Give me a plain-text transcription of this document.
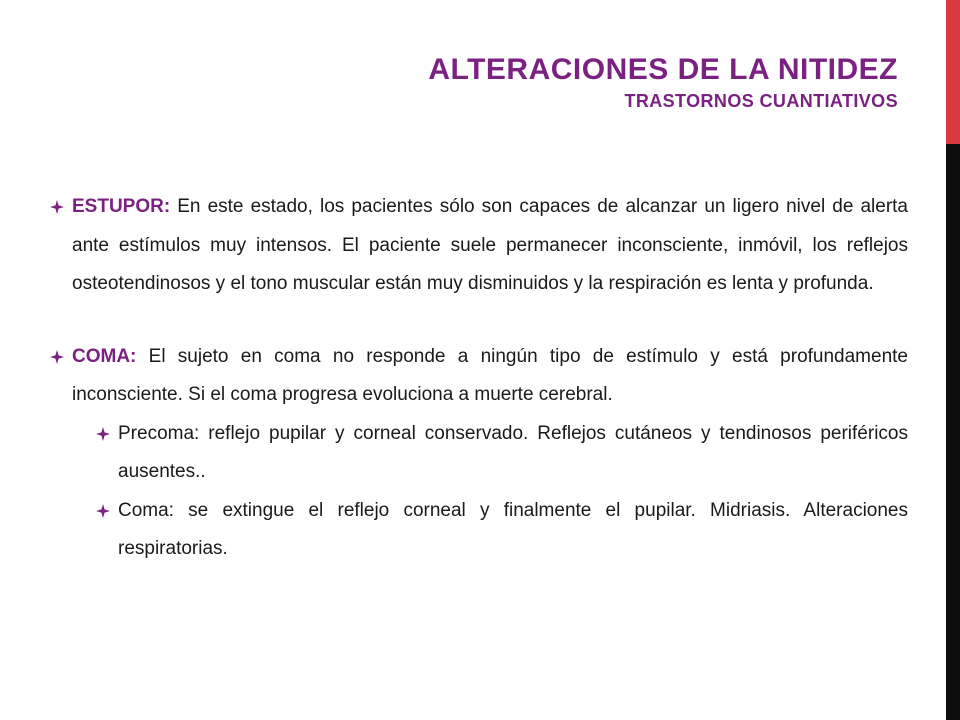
ALTERACIONES DE LA NITIDEZ
TRASTORNOS CUANTIATIVOS
ESTUPOR: En este estado, los pacientes sólo son capaces de alcanzar un ligero nivel de alerta ante estímulos muy intensos. El paciente suele permanecer inconsciente, inmóvil, los reflejos osteotendinosos y el tono muscular están muy disminuidos y la respiración es lenta y profunda.
COMA: El sujeto en coma no responde a ningún tipo de estímulo y está profundamente inconsciente. Si el coma progresa evoluciona a muerte cerebral.
Precoma: reflejo pupilar y corneal conservado. Reflejos cutáneos y tendinosos periféricos ausentes..
Coma: se extingue el reflejo corneal y finalmente el pupilar. Midriasis. Alteraciones respiratorias.
